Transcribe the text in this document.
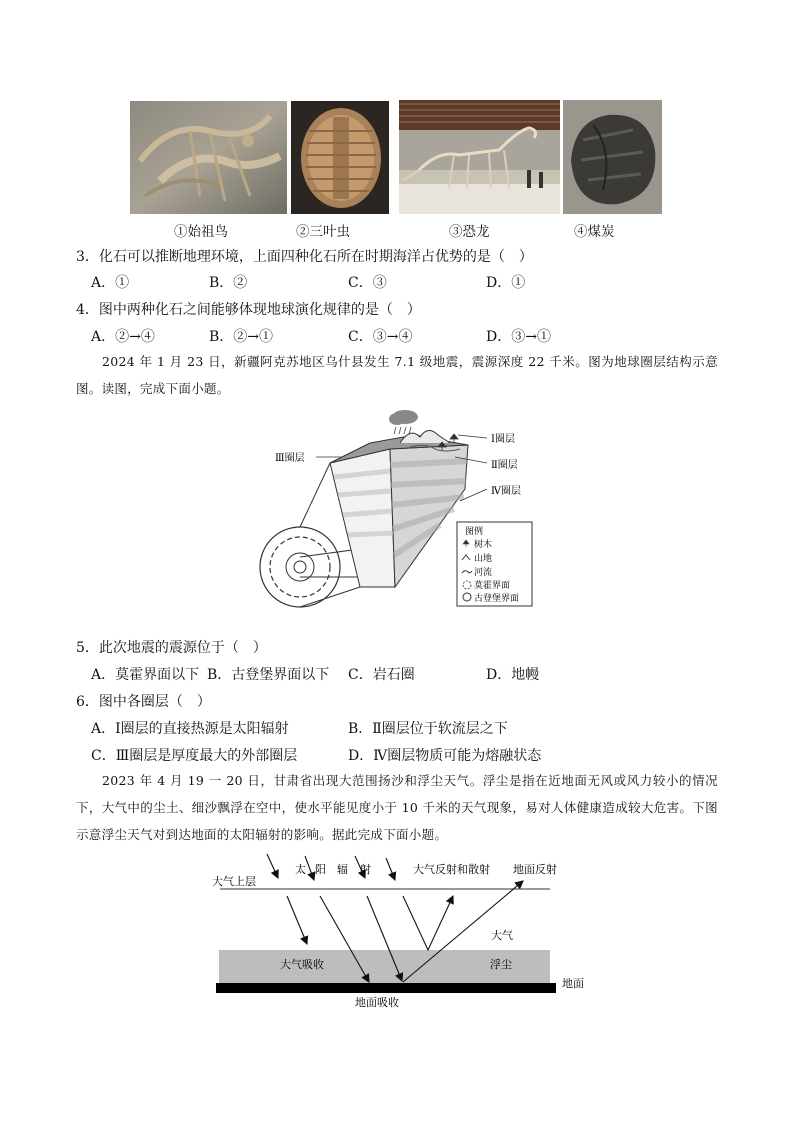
①始祖鸟	②三叶虫	③恐龙	④煤炭
3．化石可以推断地理环境，上面四种化石所在时期海洋占优势的是（　）
A．①	B．②	C．③	D．①
4．图中两种化石之间能够体现地球演化规律的是（　）
A．②→④	B．②→①	C．③→④	D．③→①
2024 年 1 月 23 日，新疆阿克苏地区乌什县发生 7.1 级地震，震源深度 22 千米。图为地球圈层结构示意图。读图，完成下面小题。
Ⅰ圈层
Ⅱ圈层
Ⅲ圈层
Ⅳ圈层
图例
树木
山地
河流
莫霍界面
古登堡界面
5．此次地震的震源位于（　）
A．莫霍界面以下 B．古登堡界面以下 C．岩石圈	D．地幔
6．图中各圈层（　）
A．Ⅰ圈层的直接热源是太阳辐射	B．Ⅱ圈层位于软流层之下
C．Ⅲ圈层是厚度最大的外部圈层	D．Ⅳ圈层物质可能为熔融状态
2023 年 4 月 19 一 20 日，甘肃省出现大范围扬沙和浮尘天气。浮尘是指在近地面无风或风力较小的情况下，大气中的尘土、细沙飘浮在空中，使水平能见度小于 10 千米的天气现象，易对人体健康造成较大危害。下图示意浮尘天气对到达地面的太阳辐射的影响。据此完成下面小题。
大气上层
太 阳 辐 射	大气反射和散射 地面反射
大气
大气吸收	浮尘
地面
地面吸收
